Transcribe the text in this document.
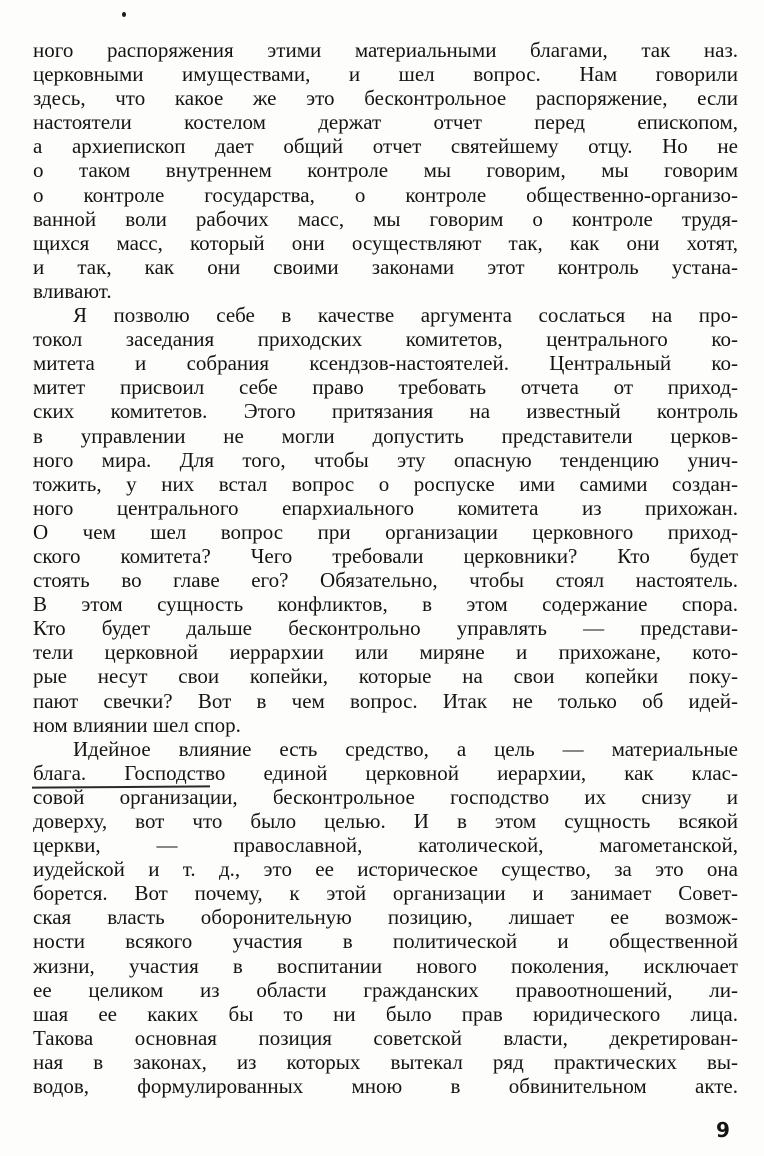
ного распоряжения этими материальными благами, так наз.
церковными имуществами, и шел вопрос. Нам говорили
здесь, что какое же это бесконтрольное распоряжение, если
настоятели костелом держат отчет перед епископом,
а архиепископ дает общий отчет святейшему отцу. Но не
о таком внутреннем контроле мы говорим, мы говорим
о контроле государства, о контроле общественно-организо-
ванной воли рабочих масс, мы говорим о контроле трудя-
щихся масс, который они осуществляют так, как они хотят,
и так, как они своими законами этот контроль устана-
вливают.
Я позволю себе в качестве аргумента сослаться на про-
токол заседания приходских комитетов, центрального ко-
митета и собрания ксендзов-настоятелей. Центральный ко-
митет присвоил себе право требовать отчета от приход-
ских комитетов. Этого притязания на известный контроль
в управлении не могли допустить представители церков-
ного мира. Для того, чтобы эту опасную тенденцию унич-
тожить, у них встал вопрос о роспуске ими самими создан-
ного центрального епархиального комитета из прихожан.
О чем шел вопрос при организации церковного приход-
ского комитета? Чего требовали церковники? Кто будет
стоять во главе его? Обязательно, чтобы стоял настоятель.
В этом сущность конфликтов, в этом содержание спора.
Кто будет дальше бесконтрольно управлять — представи-
тели церковной иеррархии или миряне и прихожане, кото-
рые несут свои копейки, которые на свои копейки поку-
пают свечки? Вот в чем вопрос. Итак не только об идей-
ном влиянии шел спор.
Идейное влияние есть средство, а цель — материальные
блага. Господство единой церковной иерархии, как клас-
совой организации, бесконтрольное господство их снизу и
доверху, вот что было целью. И в этом сущность всякой
церкви, — православной, католической, магометанской,
иудейской и т. д., это ее историческое существо, за это она
борется. Вот почему, к этой организации и занимает Совет-
ская власть оборонительную позицию, лишает ее возмож-
ности всякого участия в политической и общественной
жизни, участия в воспитании нового поколения, исключает
ее целиком из области гражданских правоотношений, ли-
шая ее каких бы то ни было прав юридического лица.
Такова основная позиция советской власти, декретирован-
ная в законах, из которых вытекал ряд практических вы-
водов, формулированных мною в обвинительном акте.
9
